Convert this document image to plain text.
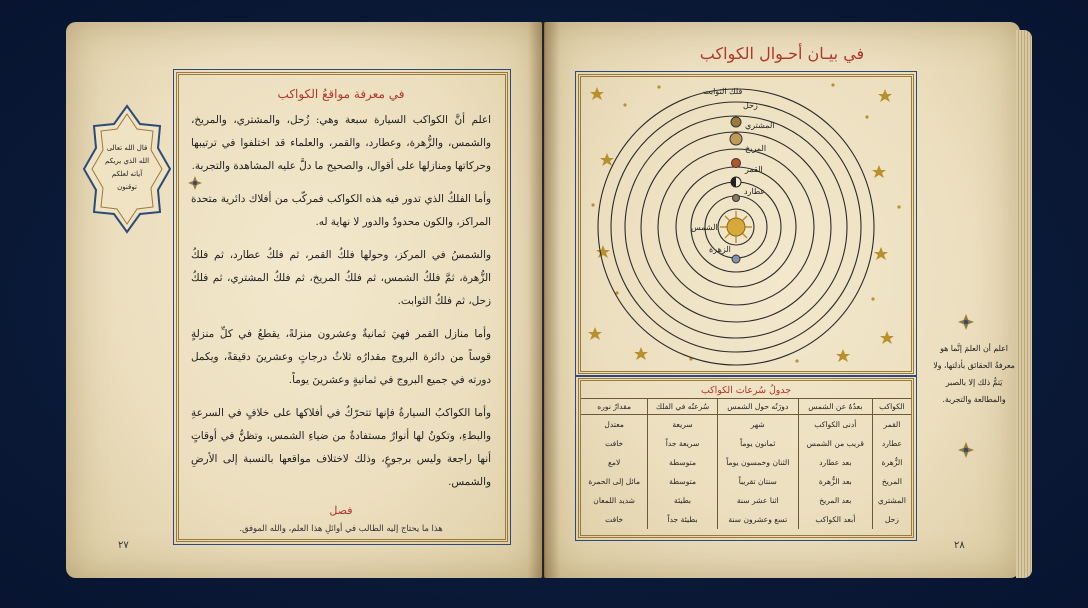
قال الله تعالى الله الذي يريكم آياته لعلكم توقنون
في معرفة مواقعُ الكواكب

اعلم أنَّ الكواكب السيارة سبعة وهي: زُحل، والمشتري، والمريخ، والشمس، والزُّهرة، وعطارد، والقمر، والعلماء قد اختلفوا في ترتيبها وحركاتها ومنازلها على أقوال، والصحيح ما دلَّ عليه المشاهدة والتجربة.

وأما الفلكُ الذي تدور فيه هذه الكواكب فمركّب من أفلاك دائرية متحدة المراكز، والكون محدودٌ والدور لا نهاية له.

والشمسُ في المركز، وحولها فلكُ القمر، ثم فلكُ عطارد، ثم فلكُ الزُّهرة، ثمَّ فلكُ الشمس، ثم فلكُ المريخ، ثم فلكُ المشتري، ثم فلكُ زحل، ثم فلكُ الثوابت.

وأما منازل القمر فهيَ ثمانيةٌ وعشرون منزلةً، يقطعُ في كلِّ منزلةٍ قوساً من دائرة البروج مقدارُه ثلاثُ درجاتٍ وعشرينَ دقيقةً، ويكمل دورته في جميع البروج في ثمانيةٍ وعشرينَ يوماً.

وأما الكواكبُ السيارةُ فإنها تتحرّكُ في أفلاكها على خلافٍ في السرعةِ والبطءِ، وتكونُ لها أنوارٌ مستفادةٌ من ضياءِ الشمس، وتظنُّ في أوقاتٍ أنها راجعة وليس برجوعٍ، وذلك لاختلاف مواقعها بالنسبة إلى الأرضِ والشمس.

فصل
هذا ما يحتاج إليه الطالب في أوائلِ هذا العلم، والله الموفق.
٢٧
في بيـان أحـوال الكواكب
فلك الثوابت
زحل
المشتري
المريخ
القمر
عطارد
الشمس
الزهرة
جدولُ سُرعات الكواكب
الكواكب	بعدُهُ عن الشمس	دورَتُه حول الشمس	سُرعتُه في الفلك	مقدارُ نوره
القمر	أدنى الكواكب	شهر	سريعة	معتدل
عطارد	قريب من الشمس	ثمانون يوماً	سريعة جداً	خافت
الزُّهرة	بعد عطارد	الثنان وخمسون يوماً	متوسطة	لامع
المريخ	بعد الزُّهرة	سنتان تقريباً	متوسطة	مائل إلى الحمرة
المشتري	بعد المريخ	اثنا عشر سنة	بطيئة	شديد اللمعان
زحل	أبعد الكواكب	تسع وعشرون سنة	بطيئة جداً	خافت
اعلم أن العلمَ إنَّما هو معرفةُ الحقائق بأدلتها، ولا يَتمُّ ذلك إلا بالصبر والمطالعة والتجربة.
٢٨
